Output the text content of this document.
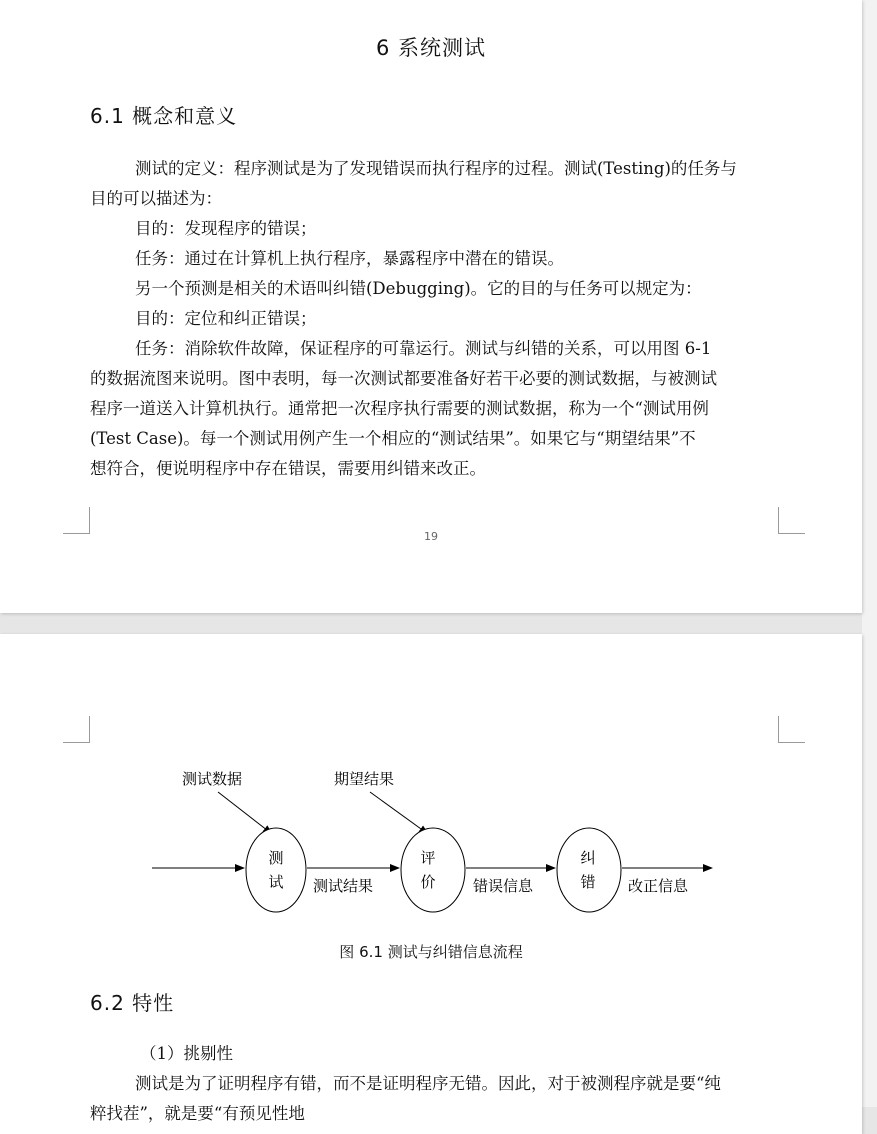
6 系统测试
6.1 概念和意义
测试的定义：程序测试是为了发现错误而执行程序的过程。测试(Testing)的任务与
目的可以描述为：
目的：发现程序的错误；
任务：通过在计算机上执行程序，暴露程序中潜在的错误。
另一个预测是相关的术语叫纠错(Debugging)。它的目的与任务可以规定为：
目的：定位和纠正错误；
任务：消除软件故障，保证程序的可靠运行。测试与纠错的关系，可以用图 6-1
的数据流图来说明。图中表明，每一次测试都要准备好若干必要的测试数据，与被测试
程序一道送入计算机执行。通常把一次程序执行需要的测试数据，称为一个“测试用例
(Test Case)。每一个测试用例产生一个相应的“测试结果”。如果它与“期望结果”不
想符合，便说明程序中存在错误，需要用纠错来改正。
19
测试数据	期望结果
测
试
评
价
纠
错
测试结果	错误信息	改正信息
图 6.1 测试与纠错信息流程
6.2 特性
（1）挑剔性
测试是为了证明程序有错，而不是证明程序无错。因此，对于被测程序就是要“纯
粹找茬”，就是要“有预见性地
